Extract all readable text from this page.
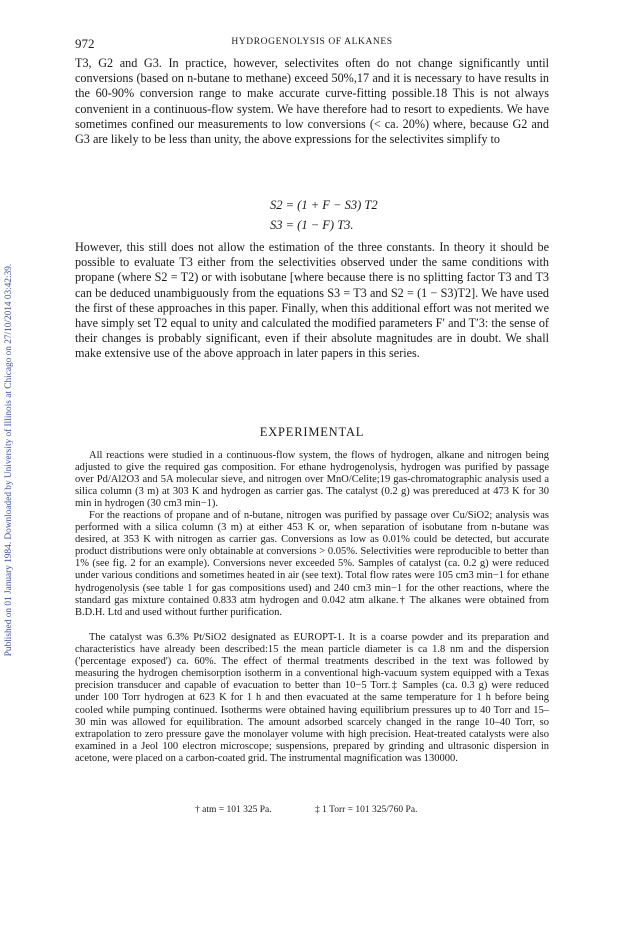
Published on 01 January 1984. Downloaded by University of Illinois at Chicago on 27/10/2014 03:42:39.
972	HYDROGENOLYSIS OF ALKANES

T3, G2 and G3. In practice, however, selectivites often do not change significantly until conversions (based on n-butane to methane) exceed 50%,17 and it is necessary to have results in the 60-90% conversion range to make accurate curve-fitting possible.18 This is not always convenient in a continuous-flow system. We have therefore had to resort to expedients. We have sometimes confined our measurements to low conversions (< ca. 20%) where, because G2 and G3 are likely to be less than unity, the above expressions for the selectivites simplify to

S2 = (1 + F − S3) T2
S3 = (1 − F) T3.

However, this still does not allow the estimation of the three constants. In theory it should be possible to evaluate T3 either from the selectivities observed under the same conditions with propane (where S2 = T2) or with isobutane [where because there is no splitting factor T3 and T3 can be deduced unambiguously from the equations S3 = T3 and S2 = (1 − S3)T2]. We have used the first of these approaches in this paper. Finally, when this additional effort was not merited we have simply set T2 equal to unity and calculated the modified parameters F′ and T′3: the sense of their changes is probably significant, even if their absolute magnitudes are in doubt. We shall make extensive use of the above approach in later papers in this series.

EXPERIMENTAL

All reactions were studied in a continuous-flow system, the flows of hydrogen, alkane and nitrogen being adjusted to give the required gas composition. For ethane hydrogenolysis, hydrogen was purified by passage over Pd/Al2O3 and 5A molecular sieve, and nitrogen over MnO/Celite;19 gas-chromatographic analysis used a silica column (3 m) at 303 K and hydrogen as carrier gas. The catalyst (0.2 g) was prereduced at 473 K for 30 min in hydrogen (30 cm3 min−1).

For the reactions of propane and of n-butane, nitrogen was purified by passage over Cu/SiO2; analysis was performed with a silica column (3 m) at either 453 K or, when separation of isobutane from n-butane was desired, at 353 K with nitrogen as carrier gas. Conversions as low as 0.01% could be detected, but accurate product distributions were only obtainable at conversions > 0.05%. Selectivities were reproducible to better than 1% (see fig. 2 for an example). Conversions never exceeded 5%. Samples of catalyst (ca. 0.2 g) were reduced under various conditions and sometimes heated in air (see text). Total flow rates were 105 cm3 min−1 for ethane hydrogenolysis (see table 1 for gas compositions used) and 240 cm3 min−1 for the other reactions, where the standard gas mixture contained 0.833 atm hydrogen and 0.042 atm alkane.† The alkanes were obtained from B.D.H. Ltd and used without further purification.

The catalyst was 6.3% Pt/SiO2 designated as EUROPT-1. It is a coarse powder and its preparation and characteristics have already been described:15 the mean particle diameter is ca 1.8 nm and the dispersion ('percentage exposed') ca. 60%. The effect of thermal treatments described in the text was followed by measuring the hydrogen chemisorption isotherm in a conventional high-vacuum system equipped with a Texas precision transducer and capable of evacuation to better than 10−5 Torr.‡ Samples (ca. 0.3 g) were reduced under 100 Torr hydrogen at 623 K for 1 h and then evacuated at the same temperature for 1 h before being cooled while pumping continued. Isotherms were obtained having equilibrium pressures up to 40 Torr and 15–30 min was allowed for equilibration. The amount adsorbed scarcely changed in the range 10–40 Torr, so extrapolation to zero pressure gave the monolayer volume with high precision. Heat-treated catalysts were also examined in a Jeol 100 electron microscope; suspensions, prepared by grinding and ultrasonic dispersion in acetone, were placed on a carbon-coated grid. The instrumental magnification was 130000.

† atm = 101 325 Pa.	‡ 1 Torr = 101 325/760 Pa.
